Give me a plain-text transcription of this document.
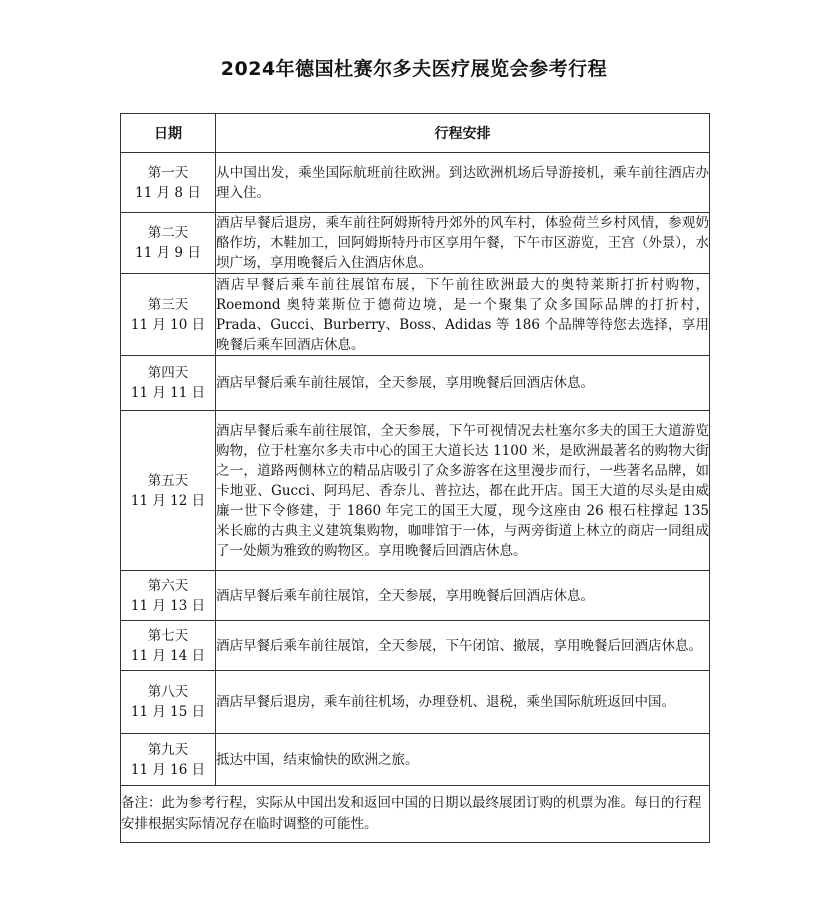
2024年德国杜赛尔多夫医疗展览会参考行程
日期	行程安排

第一天
11 月 8 日	从中国出发，乘坐国际航班前往欧洲。到达欧洲机场后导游接机，乘车前往酒店办理入住。

第二天
11 月 9 日	酒店早餐后退房，乘车前往阿姆斯特丹郊外的风车村，体验荷兰乡村风情，参观奶酪作坊，木鞋加工，回阿姆斯特丹市区享用午餐，下午市区游览，王宫（外景），水坝广场，享用晚餐后入住酒店休息。

第三天
11 月 10 日	酒店早餐后乘车前往展馆布展，下午前往欧洲最大的奥特莱斯打折村购物，Roemond 奥特莱斯位于德荷边境，是一个聚集了众多国际品牌的打折村，Prada、Gucci、Burberry、Boss、Adidas 等 186 个品牌等待您去选择，享用晚餐后乘车回酒店休息。

第四天
11 月 11 日	酒店早餐后乘车前往展馆，全天参展，享用晚餐后回酒店休息。

第五天
11 月 12 日	酒店早餐后乘车前往展馆，全天参展，下午可视情况去杜塞尔多夫的国王大道游览购物，位于杜塞尔多夫市中心的国王大道长达 1100 米，是欧洲最著名的购物大街之一，道路两侧林立的精品店吸引了众多游客在这里漫步而行，一些著名品牌，如卡地亚、Gucci、阿玛尼、香奈儿、普拉达，都在此开店。国王大道的尽头是由威廉一世下令修建，于 1860 年完工的国王大厦，现今这座由 26 根石柱撑起 135 米长廊的古典主义建筑集购物，咖啡馆于一体，与两旁街道上林立的商店一同组成了一处颇为雅致的购物区。享用晚餐后回酒店休息。

第六天
11 月 13 日	酒店早餐后乘车前往展馆，全天参展，享用晚餐后回酒店休息。

第七天
11 月 14 日	酒店早餐后乘车前往展馆，全天参展，下午闭馆、撤展，享用晚餐后回酒店休息。

第八天
11 月 15 日	酒店早餐后退房，乘车前往机场，办理登机、退税，乘坐国际航班返回中国。

第九天
11 月 16 日	抵达中国，结束愉快的欧洲之旅。
备注：此为参考行程，实际从中国出发和返回中国的日期以最终展团订购的机票为准。每日的行程安排根据实际情况存在临时调整的可能性。	
